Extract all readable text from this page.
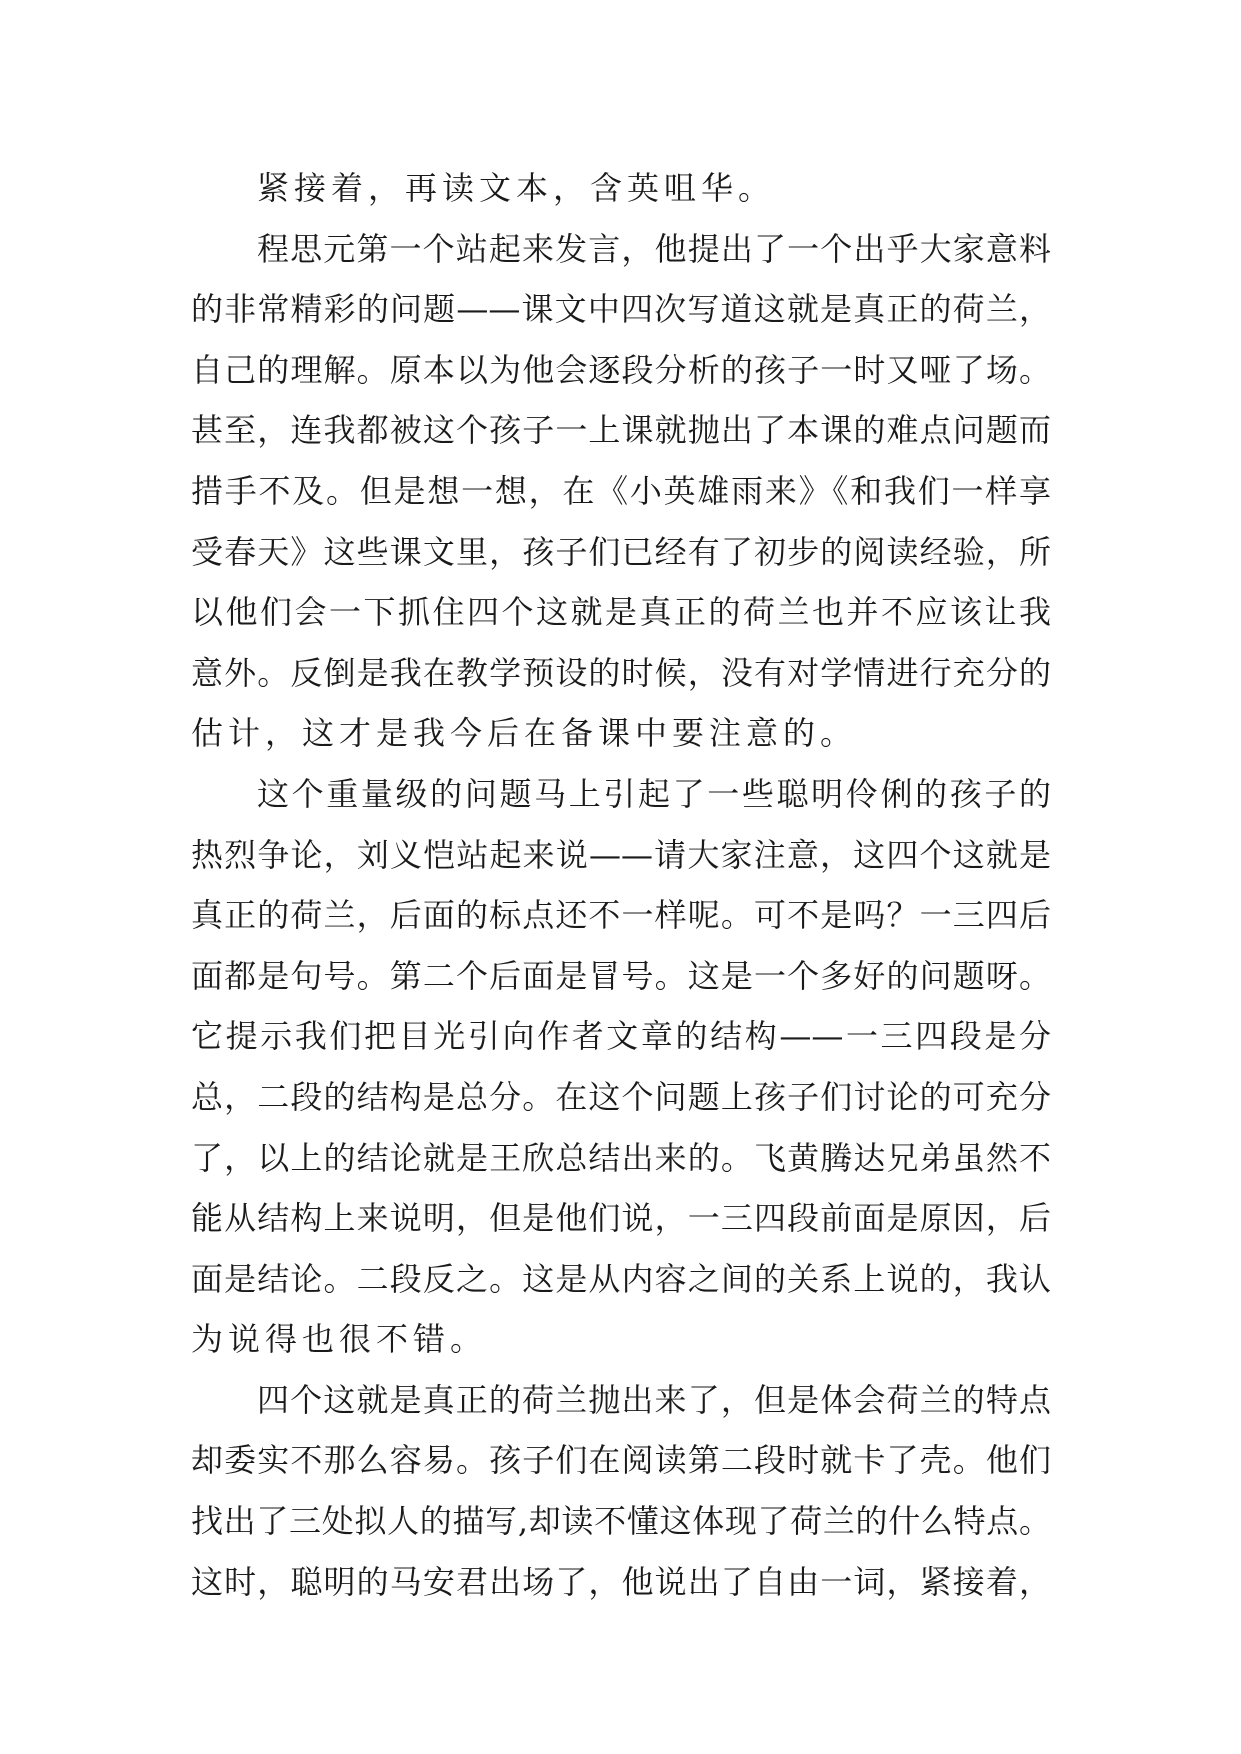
紧接着，再读文本，含英咀华。
程思元第一个站起来发言，他提出了一个出乎大家意料
的非常精彩的问题——课文中四次写道这就是真正的荷兰，
自己的理解。原本以为他会逐段分析的孩子一时又哑了场。
甚至，连我都被这个孩子一上课就抛出了本课的难点问题而
措手不及。但是想一想，在《小英雄雨来》《和我们一样享
受春天》这些课文里，孩子们已经有了初步的阅读经验，所
以他们会一下抓住四个这就是真正的荷兰也并不应该让我
意外。反倒是我在教学预设的时候，没有对学情进行充分的
估计，这才是我今后在备课中要注意的。
这个重量级的问题马上引起了一些聪明伶俐的孩子的
热烈争论，刘义恺站起来说——请大家注意，这四个这就是
真正的荷兰，后面的标点还不一样呢。可不是吗？一三四后
面都是句号。第二个后面是冒号。这是一个多好的问题呀。
它提示我们把目光引向作者文章的结构——一三四段是分
总，二段的结构是总分。在这个问题上孩子们讨论的可充分
了，以上的结论就是王欣总结出来的。飞黄腾达兄弟虽然不
能从结构上来说明，但是他们说，一三四段前面是原因，后
面是结论。二段反之。这是从内容之间的关系上说的，我认
为说得也很不错。
四个这就是真正的荷兰抛出来了，但是体会荷兰的特点
却委实不那么容易。孩子们在阅读第二段时就卡了壳。他们
找出了三处拟人的描写,却读不懂这体现了荷兰的什么特点。
这时，聪明的马安君出场了，他说出了自由一词，紧接着，
